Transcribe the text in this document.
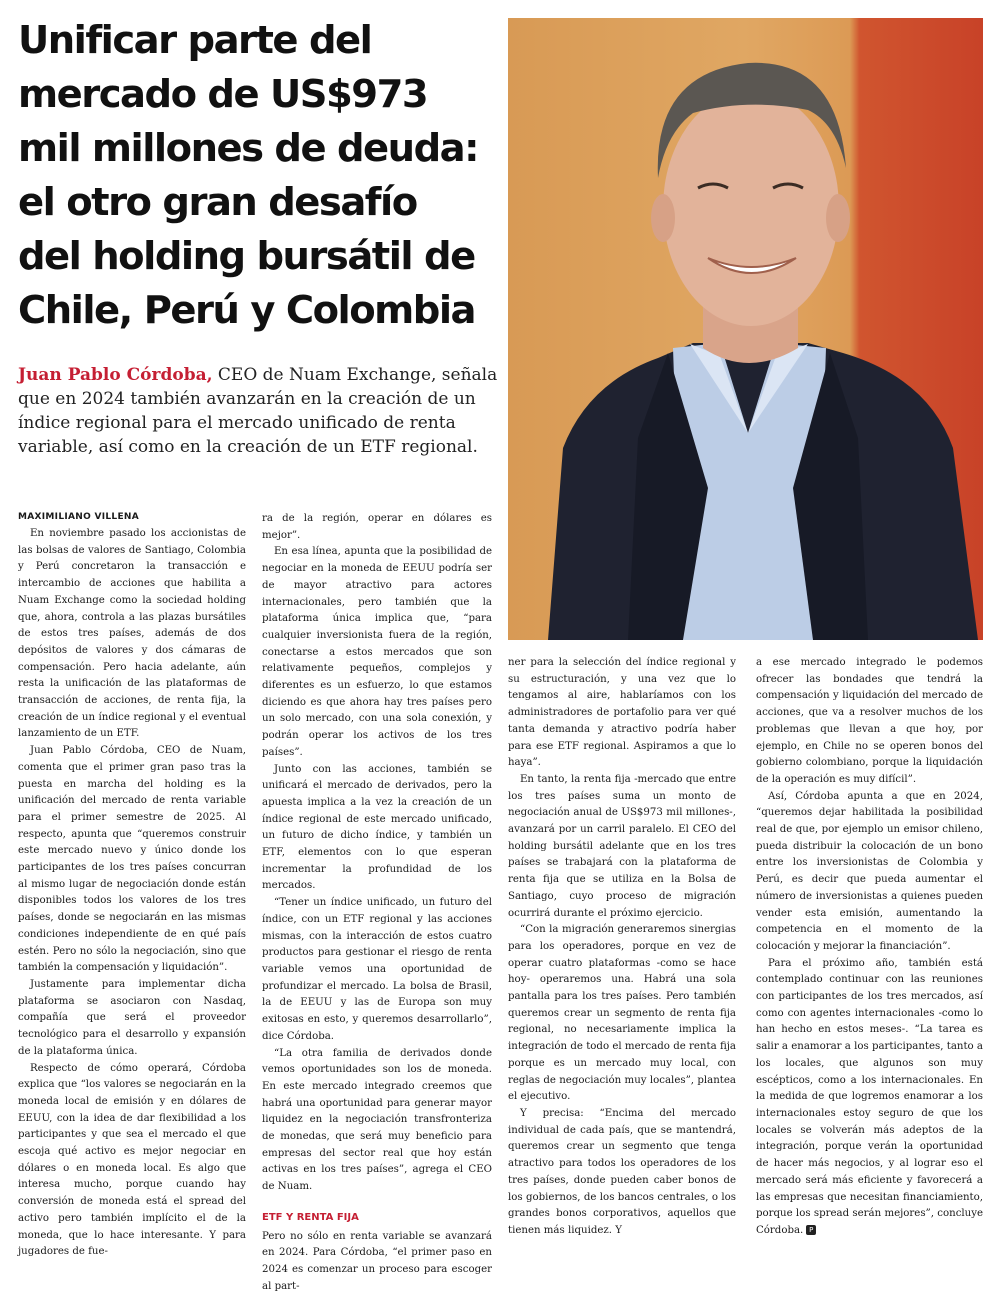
Unificar parte del
mercado de US$973
mil millones de deuda:
el otro gran desafío
del holding bursátil de
Chile, Perú y Colombia
Juan Pablo Córdoba, CEO de Nuam Exchange, señala que en 2024 también avanzarán en la creación de un índice regional para el mercado unificado de renta variable, así como en la creación de un ETF regional.
MAXIMILIANO VILLENA

En noviembre pasado los accionistas de las bolsas de valores de Santiago, Colombia y Perú concretaron la transacción e intercambio de acciones que habilita a Nuam Exchange como la sociedad holding que, ahora, controla a las plazas bursátiles de estos tres países, además de dos depósitos de valores y dos cámaras de compensación. Pero hacia adelante, aún resta la unificación de las plataformas de transacción de acciones, de renta fija, la creación de un índice regional y el eventual lanzamiento de un ETF.

Juan Pablo Córdoba, CEO de Nuam, comenta que el primer gran paso tras la puesta en marcha del holding es la unificación del mercado de renta variable para el primer semestre de 2025. Al respecto, apunta que “queremos construir este mercado nuevo y único donde los participantes de los tres países concurran al mismo lugar de negociación donde están disponibles todos los valores de los tres países, donde se negociarán en las mismas condiciones independiente de en qué país estén. Pero no sólo la negociación, sino que también la compensación y liquidación”.

Justamente para implementar dicha plataforma se asociaron con Nasdaq, compañía que será el proveedor tecnológico para el desarrollo y expansión de la plataforma única.

Respecto de cómo operará, Córdoba explica que “los valores se negociarán en la moneda local de emisión y en dólares de EEUU, con la idea de dar flexibilidad a los participantes y que sea el mercado el que escoja qué activo es mejor negociar en dólares o en moneda local. Es algo que interesa mucho, porque cuando hay conversión de moneda está el spread del activo pero también implícito el de la moneda, que lo hace interesante. Y para jugadores de fue-

ra de la región, operar en dólares es mejor”.

En esa línea, apunta que la posibilidad de negociar en la moneda de EEUU podría ser de mayor atractivo para actores internacionales, pero también que la plataforma única implica que, “para cualquier inversionista fuera de la región, conectarse a estos mercados que son relativamente pequeños, complejos y diferentes es un esfuerzo, lo que estamos diciendo es que ahora hay tres países pero un solo mercado, con una sola conexión, y podrán operar los activos de los tres países”.

Junto con las acciones, también se unificará el mercado de derivados, pero la apuesta implica a la vez la creación de un índice regional de este mercado unificado, un futuro de dicho índice, y también un ETF, elementos con lo que esperan incrementar la profundidad de los mercados.

“Tener un índice unificado, un futuro del índice, con un ETF regional y las acciones mismas, con la interacción de estos cuatro productos para gestionar el riesgo de renta variable vemos una oportunidad de profundizar el mercado. La bolsa de Brasil, la de EEUU y las de Europa son muy exitosas en esto, y queremos desarrollarlo”, dice Córdoba.

“La otra familia de derivados donde vemos oportunidades son los de moneda. En este mercado integrado creemos que habrá una oportunidad para generar mayor liquidez en la negociación transfronteriza de monedas, que será muy beneficio para empresas del sector real que hoy están activas en los tres países”, agrega el CEO de Nuam.

ETF Y RENTA FIJA

Pero no sólo en renta variable se avanzará en 2024. Para Córdoba, “el primer paso en 2024 es comenzar un proceso para escoger al part-

ner para la selección del índice regional y su estructuración, y una vez que lo tengamos al aire, hablaríamos con los administradores de portafolio para ver qué tanta demanda y atractivo podría haber para ese ETF regional. Aspiramos a que lo haya”.

En tanto, la renta fija -mercado que entre los tres países suma un monto de negociación anual de US$973 mil millones-, avanzará por un carril paralelo. El CEO del holding bursátil adelante que en los tres países se trabajará con la plataforma de renta fija que se utiliza en la Bolsa de Santiago, cuyo proceso de migración ocurrirá durante el próximo ejercicio.

“Con la migración generaremos sinergias para los operadores, porque en vez de operar cuatro plataformas -como se hace hoy- operaremos una. Habrá una sola pantalla para los tres países. Pero también queremos crear un segmento de renta fija regional, no necesariamente implica la integración de todo el mercado de renta fija porque es un mercado muy local, con reglas de negociación muy locales”, plantea el ejecutivo.

Y precisa: “Encima del mercado individual de cada país, que se mantendrá, queremos crear un segmento que tenga atractivo para todos los operadores de los tres países, donde pueden caber bonos de los gobiernos, de los bancos centrales, o los grandes bonos corporativos, aquellos que tienen más liquidez. Y

a ese mercado integrado le podemos ofrecer las bondades que tendrá la compensación y liquidación del mercado de acciones, que va a resolver muchos de los problemas que llevan a que hoy, por ejemplo, en Chile no se operen bonos del gobierno colombiano, porque la liquidación de la operación es muy difícil”.

Así, Córdoba apunta a que en 2024, “queremos dejar habilitada la posibilidad real de que, por ejemplo un emisor chileno, pueda distribuir la colocación de un bono entre los inversionistas de Colombia y Perú, es decir que pueda aumentar el número de inversionistas a quienes pueden vender esta emisión, aumentando la competencia en el momento de la colocación y mejorar la financiación”.

Para el próximo año, también está contemplado continuar con las reuniones con participantes de los tres mercados, así como con agentes internacionales -como lo han hecho en estos meses-. “La tarea es salir a enamorar a los participantes, tanto a los locales, que algunos son muy escépticos, como a los internacionales. En la medida de que logremos enamorar a los internacionales estoy seguro de que los locales se volverán más adeptos de la integración, porque verán la oportunidad de hacer más negocios, y al lograr eso el mercado será más eficiente y favorecerá a las empresas que necesitan financiamiento, porque los spread serán mejores”, concluye Córdoba. P
